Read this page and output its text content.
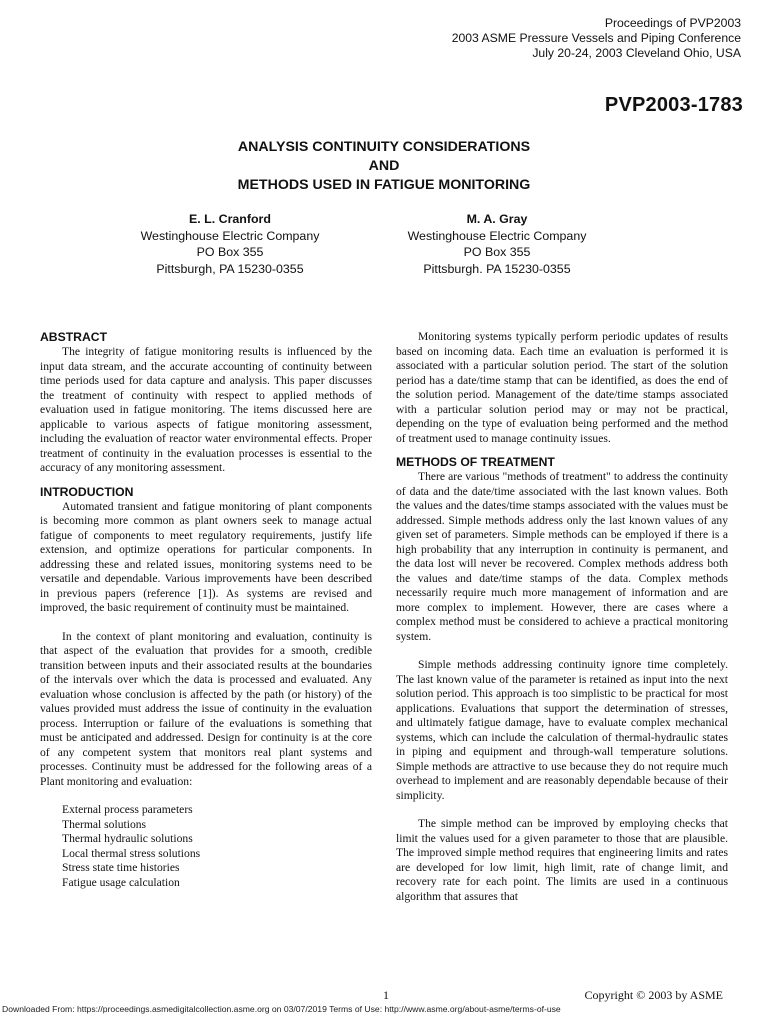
Proceedings of PVP2003
2003 ASME Pressure Vessels and Piping Conference
July 20-24, 2003 Cleveland Ohio, USA
PVP2003-1783
ANALYSIS CONTINUITY CONSIDERATIONS
AND
METHODS USED IN FATIGUE MONITORING
E. L. Cranford
Westinghouse Electric Company
PO Box 355
Pittsburgh, PA 15230-0355
M. A. Gray
Westinghouse Electric Company
PO Box 355
Pittsburgh. PA 15230-0355
ABSTRACT

The integrity of fatigue monitoring results is influenced by the input data stream, and the accurate accounting of continuity between time periods used for data capture and analysis. This paper discusses the treatment of continuity with respect to applied methods of evaluation used in fatigue monitoring. The items discussed here are applicable to various aspects of fatigue monitoring assessment, including the evaluation of reactor water environmental effects. Proper treatment of continuity in the evaluation processes is essential to the accuracy of any monitoring assessment.

INTRODUCTION

Automated transient and fatigue monitoring of plant components is becoming more common as plant owners seek to manage actual fatigue of components to meet regulatory requirements, justify life extension, and optimize operations for particular components. In addressing these and related issues, monitoring systems need to be versatile and dependable. Various improvements have been described in previous papers (reference [1]). As systems are revised and improved, the basic requirement of continuity must be maintained.

In the context of plant monitoring and evaluation, continuity is that aspect of the evaluation that provides for a smooth, credible transition between inputs and their associated results at the boundaries of the intervals over which the data is processed and evaluated. Any evaluation whose conclusion is affected by the path (or history) of the values provided must address the issue of continuity in the evaluation process. Interruption or failure of the evaluations is something that must be anticipated and addressed. Design for continuity is at the core of any competent system that monitors real plant systems and processes. Continuity must be addressed for the following areas of a Plant monitoring and evaluation:

External process parameters
Thermal solutions
Thermal hydraulic solutions
Local thermal stress solutions
Stress state time histories
Fatigue usage calculation

Monitoring systems typically perform periodic updates of results based on incoming data. Each time an evaluation is performed it is associated with a particular solution period. The start of the solution period has a date/time stamp that can be identified, as does the end of the solution period. Management of the date/time stamps associated with a particular solution period may or may not be practical, depending on the type of evaluation being performed and the method of treatment used to manage continuity issues.

METHODS OF TREATMENT

There are various "methods of treatment" to address the continuity of data and the date/time associated with the last known values. Both the values and the dates/time stamps associated with the values must be addressed. Simple methods address only the last known values of any given set of parameters. Simple methods can be employed if there is a high probability that any interruption in continuity is permanent, and the data lost will never be recovered. Complex methods address both the values and date/time stamps of the data. Complex methods necessarily require much more management of information and are more complex to implement. However, there are cases where a complex method must be considered to achieve a practical monitoring system.

Simple methods addressing continuity ignore time completely. The last known value of the parameter is retained as input into the next solution period. This approach is too simplistic to be practical for most applications. Evaluations that support the determination of stresses, and ultimately fatigue damage, have to evaluate complex mechanical systems, which can include the calculation of thermal-hydraulic states in piping and equipment and through-wall temperature solutions. Simple methods are attractive to use because they do not require much overhead to implement and are reasonably dependable because of their simplicity.

The simple method can be improved by employing checks that limit the values used for a given parameter to those that are plausible. The improved simple method requires that engineering limits and rates are developed for low limit, high limit, rate of change limit, and recovery rate for each point. The limits are used in a continuous algorithm that assures that

1	Copyright © 2003 by ASME
Downloaded From: https://proceedings.asmedigitalcollection.asme.org on 03/07/2019 Terms of Use: http://www.asme.org/about-asme/terms-of-use
